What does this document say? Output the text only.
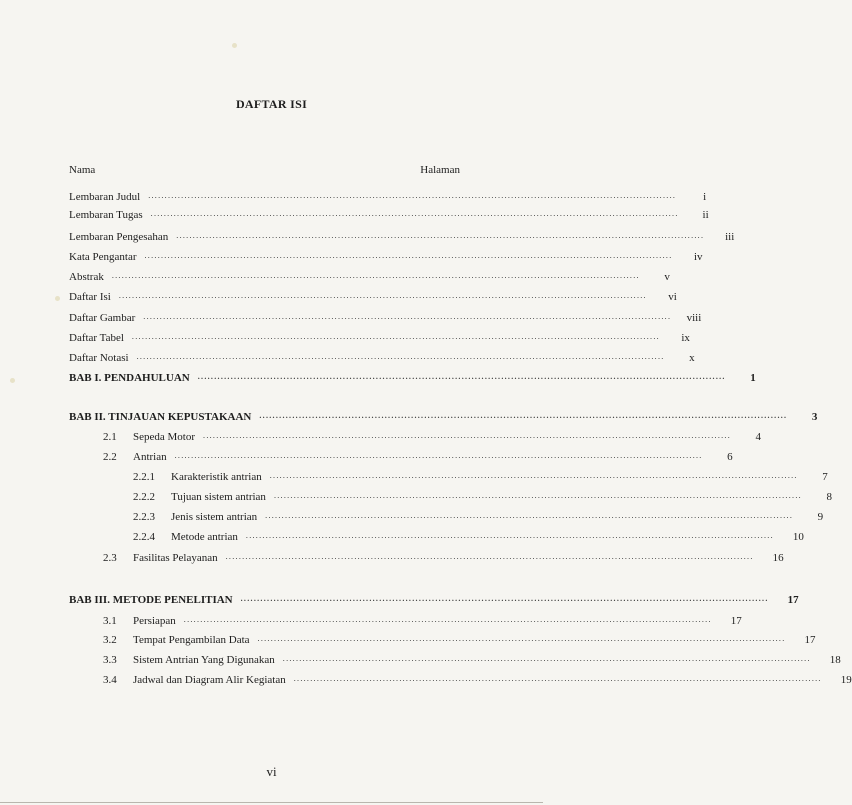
DAFTAR ISI
Nama	Halaman
Lembaran Judul ................................................................................................................................................................	i
Lembaran Tugas ................................................................................................................................................................	ii
Lembaran Pengesahan ................................................................................................................................................................	iii
Kata Pengantar ................................................................................................................................................................	iv
Abstrak ................................................................................................................................................................	v
Daftar Isi ................................................................................................................................................................	vi
Daftar Gambar ................................................................................................................................................................	viii
Daftar Tabel ................................................................................................................................................................	ix
Daftar Notasi ................................................................................................................................................................	x
BAB I. PENDAHULUAN ................................................................................................................................................................	1
BAB II. TINJAUAN KEPUSTAKAAN ................................................................................................................................................................	3
2.1	Sepeda Motor ................................................................................................................................................................	4
2.2	Antrian ................................................................................................................................................................	6
2.2.1	Karakteristik antrian ................................................................................................................................................................	7
2.2.2	Tujuan sistem antrian ................................................................................................................................................................	8
2.2.3	Jenis sistem antrian ................................................................................................................................................................	9
2.2.4	Metode antrian ................................................................................................................................................................	10
2.3	Fasilitas Pelayanan ................................................................................................................................................................	16
BAB III. METODE PENELITIAN ................................................................................................................................................................	17
3.1	Persiapan ................................................................................................................................................................	17
3.2	Tempat Pengambilan Data ................................................................................................................................................................	17
3.3	Sistem Antrian Yang Digunakan ................................................................................................................................................................	18
3.4	Jadwal dan Diagram Alir Kegiatan ................................................................................................................................................................	19
vi
